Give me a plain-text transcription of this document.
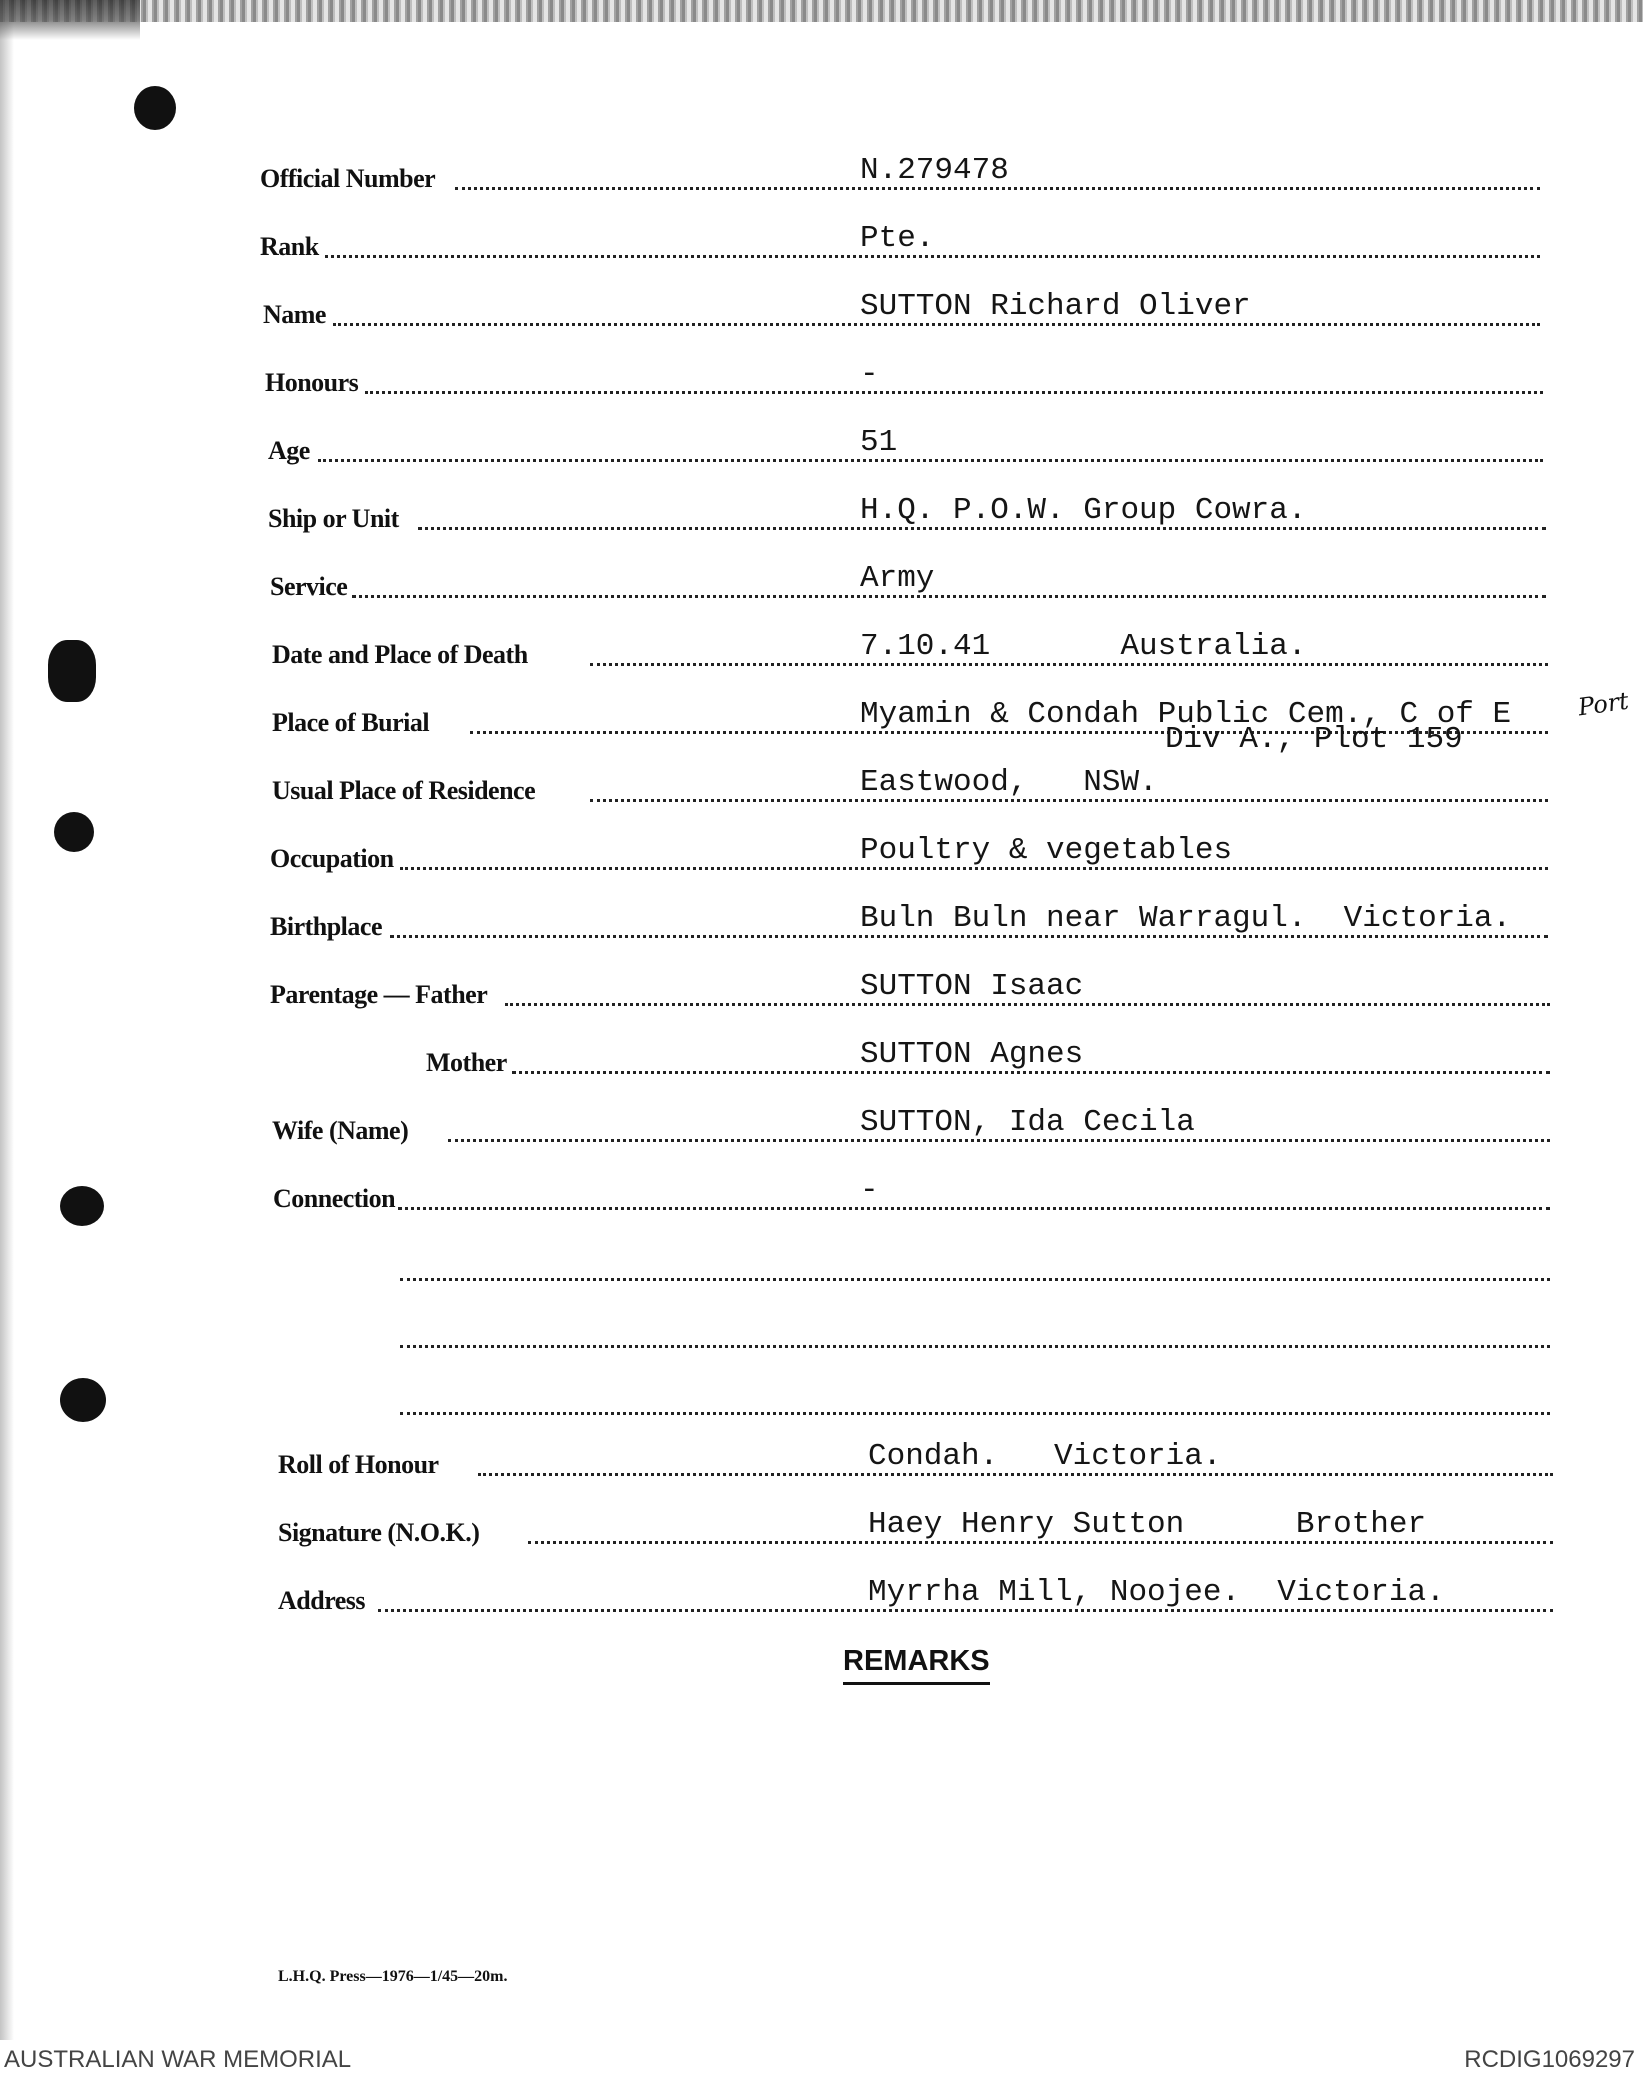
Official Number	N.279478
Rank	Pte.
Name	SUTTON Richard Oliver
Honours	-
Age	51
Ship or Unit	H.Q. P.O.W. Group Cowra.
Service	Army
Date and Place of Death	7.10.41       Australia.
Place of Burial	Myamin & Condah Public Cem., C of E
Div A., Plot 159
Port
Usual Place of Residence	Eastwood,   NSW.
Occupation	Poultry & vegetables
Birthplace	Buln Buln near Warragul.  Victoria.
Parentage — Father	SUTTON Isaac
Mother	SUTTON Agnes
Wife (Name)	SUTTON, Ida Cecila
Connection	-
Roll of Honour	Condah.   Victoria.
Signature (N.O.K.)	Haey Henry Sutton      Brother
Address	Myrrha Mill, Noojee.  Victoria.
REMARKS
L.H.Q. Press—1976—1/45—20m.
AUSTRALIAN WAR MEMORIAL	RCDIG1069297
